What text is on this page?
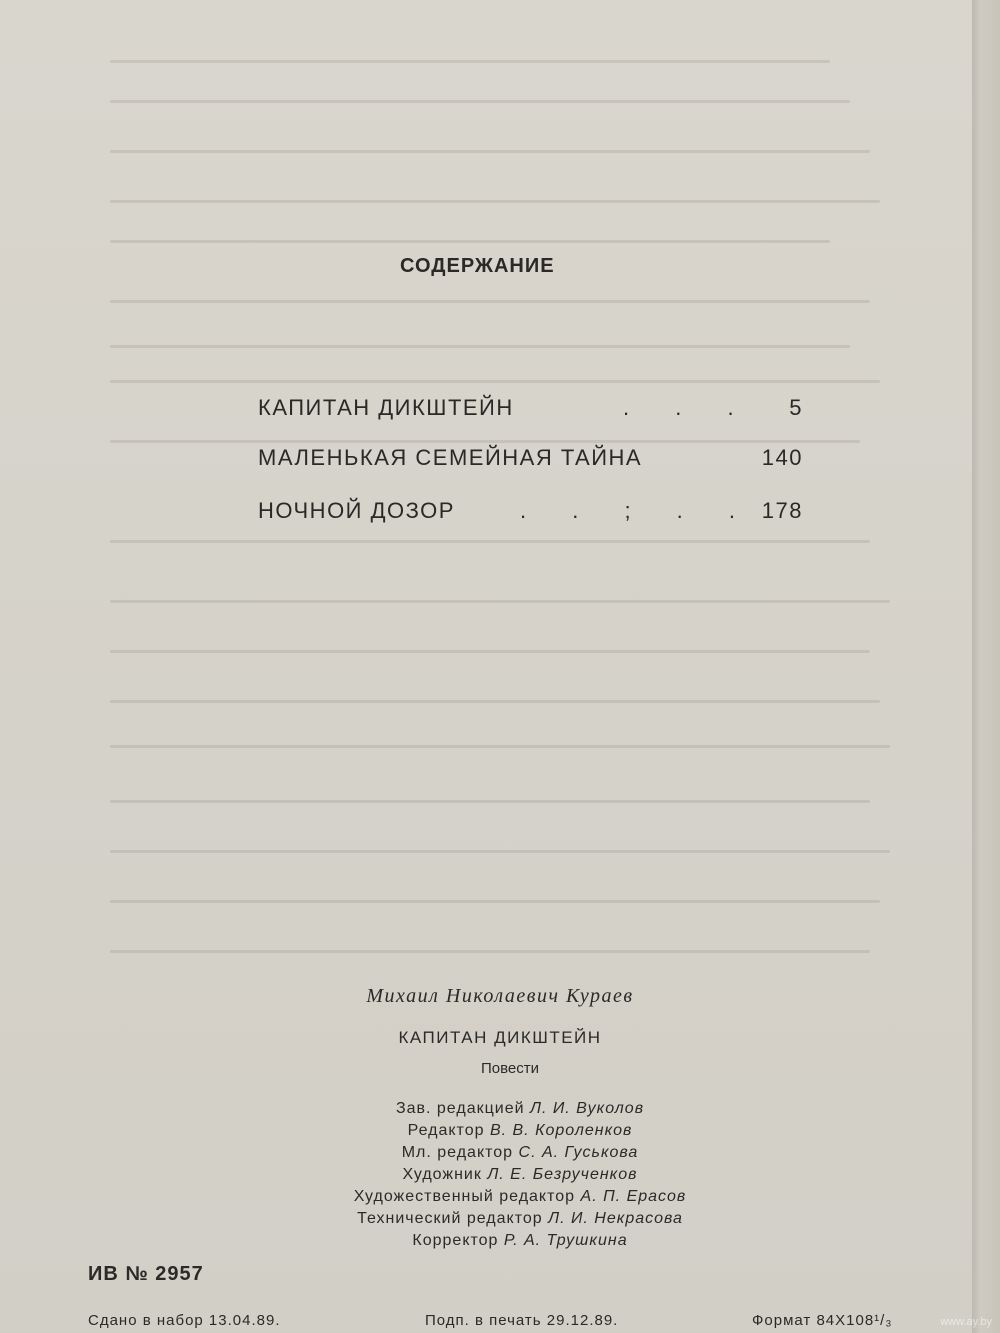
СОДЕРЖАНИЕ
КАПИТАН ДИКШТЕЙН	. . . 5
МАЛЕНЬКАЯ СЕМЕЙНАЯ ТАЙНА	140
НОЧНОЙ ДОЗОР	. . ; . . 178
Михаил Николаевич Кураев
КАПИТАН ДИКШТЕЙН
Повести
Зав. редакцией Л. И. Вуколов
Редактор В. В. Короленков
Мл. редактор С. А. Гуськова
Художник Л. Е. Безрученков
Художественный редактор А. П. Ерасов
Технический редактор Л. И. Некрасова
Корректор Р. А. Трушкина
ИВ № 2957
Сдано в набор 13.04.89.	Подп. в печать 29.12.89.	Формат 84Х108¹/₃	www.ay.by
